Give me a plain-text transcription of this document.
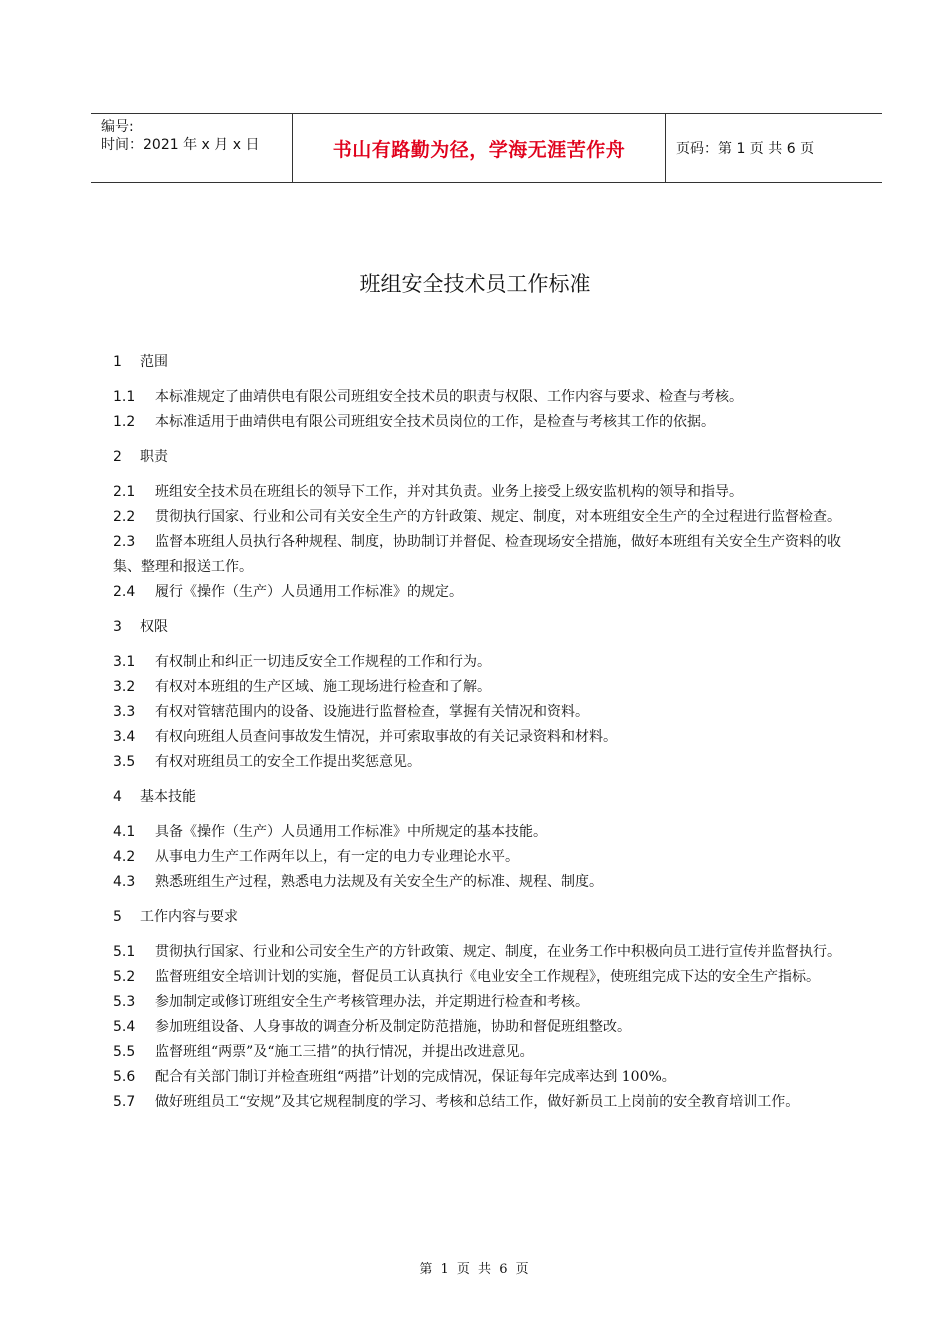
编号:
时间：2021 年 x 月 x 日	书山有路勤为径，学海无涯苦作舟	页码：第 1 页 共 6 页
班组安全技术员工作标准

1 范围

1.1 本标准规定了曲靖供电有限公司班组安全技术员的职责与权限、工作内容与要求、检查与考核。

1.2 本标准适用于曲靖供电有限公司班组安全技术员岗位的工作，是检查与考核其工作的依据。

2 职责

2.1 班组安全技术员在班组长的领导下工作，并对其负责。业务上接受上级安监机构的领导和指导。

2.2 贯彻执行国家、行业和公司有关安全生产的方针政策、规定、制度，对本班组安全生产的全过程进行监督检查。

2.3 监督本班组人员执行各种规程、制度，协助制订并督促、检查现场安全措施，做好本班组有关安全生产资料的收集、整理和报送工作。

2.4 履行《操作（生产）人员通用工作标准》的规定。

3 权限

3.1 有权制止和纠正一切违反安全工作规程的工作和行为。

3.2 有权对本班组的生产区域、施工现场进行检查和了解。

3.3 有权对管辖范围内的设备、设施进行监督检查，掌握有关情况和资料。

3.4 有权向班组人员查问事故发生情况，并可索取事故的有关记录资料和材料。

3.5 有权对班组员工的安全工作提出奖惩意见。

4 基本技能

4.1 具备《操作（生产）人员通用工作标准》中所规定的基本技能。

4.2 从事电力生产工作两年以上，有一定的电力专业理论水平。

4.3 熟悉班组生产过程，熟悉电力法规及有关安全生产的标准、规程、制度。

5 工作内容与要求

5.1 贯彻执行国家、行业和公司安全生产的方针政策、规定、制度，在业务工作中积极向员工进行宣传并监督执行。

5.2 监督班组安全培训计划的实施，督促员工认真执行《电业安全工作规程》，使班组完成下达的安全生产指标。

5.3 参加制定或修订班组安全生产考核管理办法，并定期进行检查和考核。

5.4 参加班组设备、人身事故的调查分析及制定防范措施，协助和督促班组整改。

5.5 监督班组“两票”及“施工三措”的执行情况，并提出改进意见。

5.6 配合有关部门制订并检查班组“两措”计划的完成情况，保证每年完成率达到 100%。

5.7 做好班组员工“安规”及其它规程制度的学习、考核和总结工作，做好新员工上岗前的安全教育培训工作。

第 1 页 共 6 页
